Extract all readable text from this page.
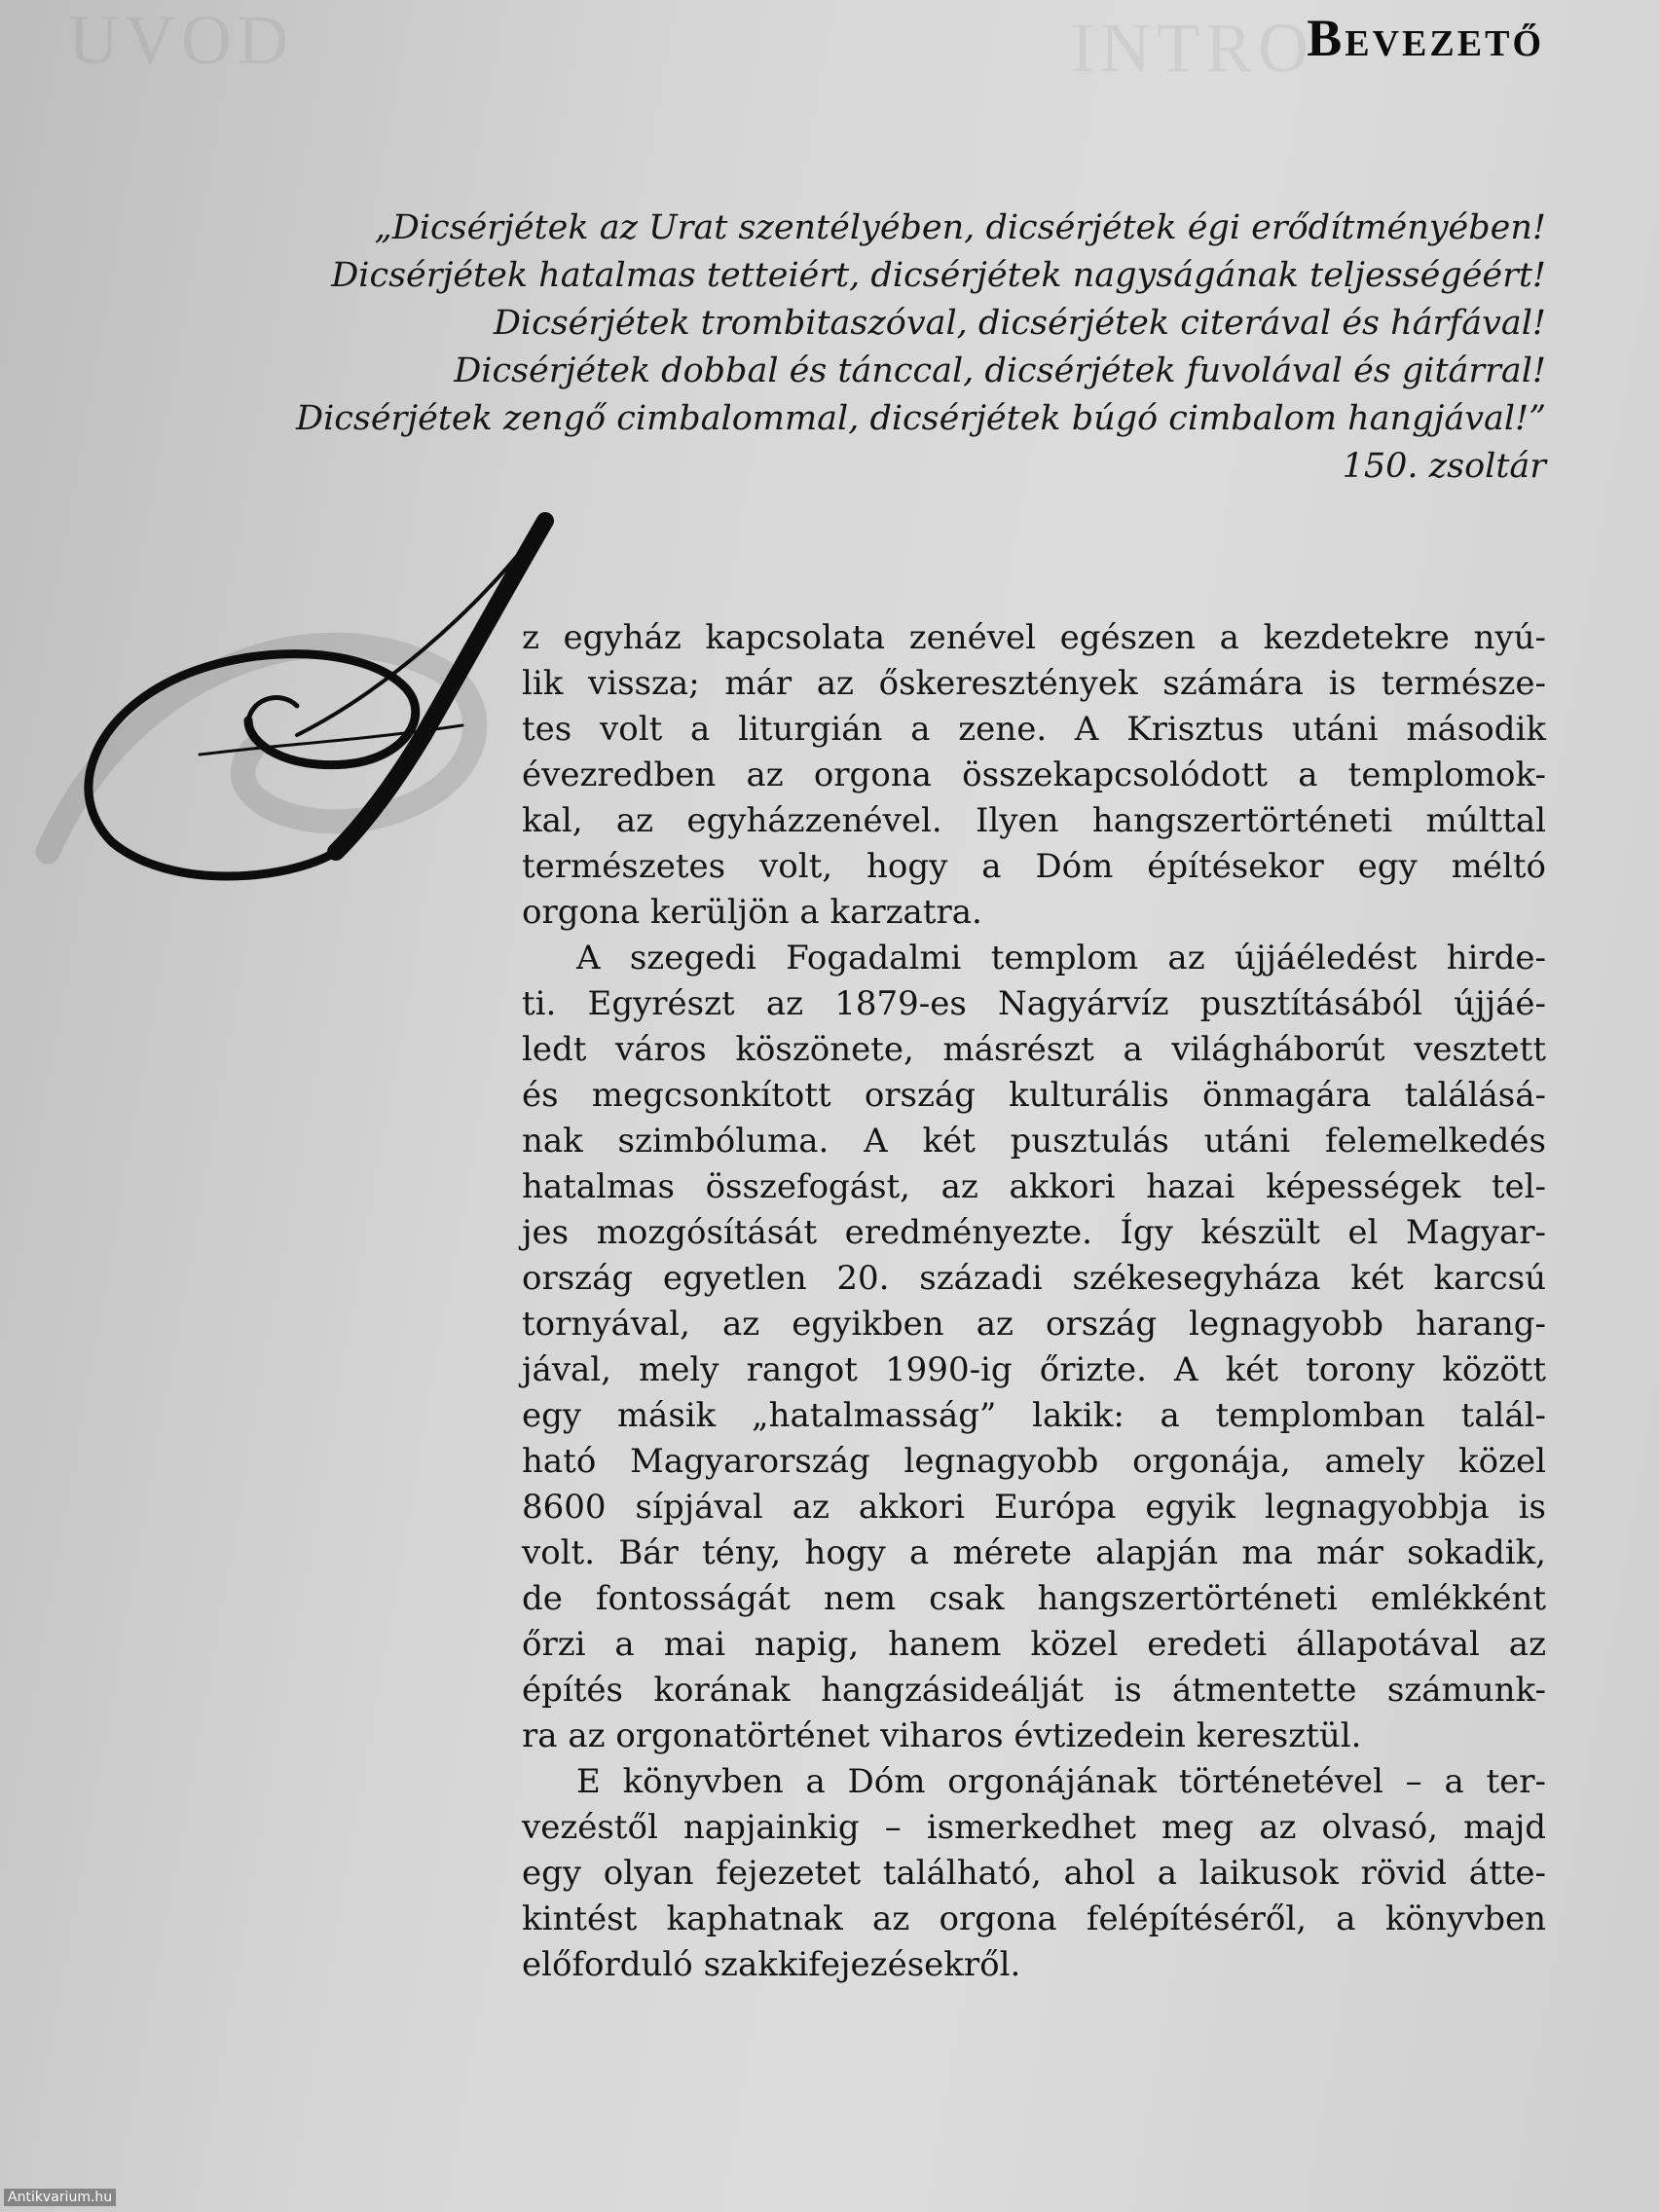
UVOD	INTRO
Bevezető
„Dicsérjétek az Urat szentélyében, dicsérjétek égi erődítményében!
Dicsérjétek hatalmas tetteiért, dicsérjétek nagyságának teljességéért!
Dicsérjétek trombitaszóval, dicsérjétek citerával és hárfával!
Dicsérjétek dobbal és tánccal, dicsérjétek fuvolával és gitárral!
Dicsérjétek zengő cimbalommal, dicsérjétek búgó cimbalom hangjával!”
150. zsoltár
z egyház kapcsolata zenével egészen a kezdetekre nyú-
lik vissza; már az őskeresztények számára is természe-
tes volt a liturgián a zene. A Krisztus utáni második
évezredben az orgona összekapcsolódott a templomok-
kal, az egyházzenével. Ilyen hangszertörténeti múlttal
természetes volt, hogy a Dóm építésekor egy méltó
orgona kerüljön a karzatra.
A szegedi Fogadalmi templom az újjáéledést hirde-
ti. Egyrészt az 1879-es Nagyárvíz pusztításából újjáé-
ledt város köszönete, másrészt a világháborút vesztett
és megcsonkított ország kulturális önmagára találásá-
nak szimbóluma. A két pusztulás utáni felemelkedés
hatalmas összefogást, az akkori hazai képességek tel-
jes mozgósítását eredményezte. Így készült el Magyar-
ország egyetlen 20. századi székesegyháza két karcsú
tornyával, az egyikben az ország legnagyobb harang-
jával, mely rangot 1990-ig őrizte. A két torony között
egy másik „hatalmasság” lakik: a templomban talál-
ható Magyarország legnagyobb orgonája, amely közel
8600 sípjával az akkori Európa egyik legnagyobbja is
volt. Bár tény, hogy a mérete alapján ma már sokadik,
de fontosságát nem csak hangszertörténeti emlékként
őrzi a mai napig, hanem közel eredeti állapotával az
építés korának hangzásideálját is átmentette számunk-
ra az orgonatörténet viharos évtizedein keresztül.
E könyvben a Dóm orgonájának történetével – a ter-
vezéstől napjainkig – ismerkedhet meg az olvasó, majd
egy olyan fejezetet található, ahol a laikusok rövid átte-
kintést kaphatnak az orgona felépítéséről, a könyvben
előforduló szakkifejezésekről.
Antikvarium.hu
